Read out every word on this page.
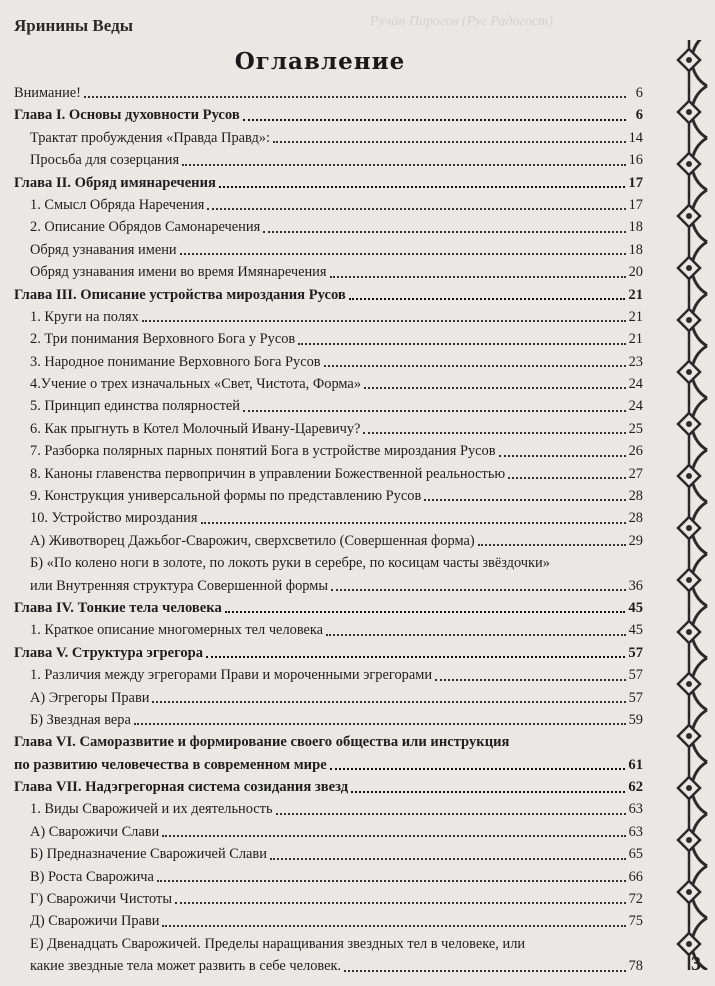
Яринины Веды	Ручан Пирогов (Руг Радогост)
Оглавление
Внимание!	6
Глава I. Основы духовности Русов	6
Трактат пробуждения «Правда Правд»:	14
Просьба для созерцания	16
Глава II. Обряд имянаречения	17
1. Смысл Обряда Наречения	17
2. Описание Обрядов Самонаречения	18
Обряд узнавания имени	18
Обряд узнавания имени во время Имянаречения	20
Глава III. Описание устройства мироздания Русов	21
1. Круги на полях	21
2. Три понимания Верховного Бога у Русов	21
3. Народное понимание Верховного Бога Русов	23
4.Учение о трех изначальных «Свет, Чистота, Форма»	24
5. Принцип единства полярностей	24
6. Как прыгнуть в Котел Молочный Ивану-Царевичу?	25
7. Разборка полярных парных понятий Бога в устройстве мироздания Русов	26
8. Каноны главенства первопричин в управлении Божественной реальностью	27
9. Конструкция универсальной формы по представлению Русов	28
10. Устройство мироздания	28
А) Животворец Дажьбог-Сварожич, сверхсветило (Совершенная форма)	29
Б) «По колено ноги в золоте, по локоть руки в серебре, по косицам часты звёздочки»
или Внутренняя структура Совершенной формы	36
Глава IV. Тонкие тела человека	45
1. Краткое описание многомерных тел человека	45
Глава V. Структура эгрегора	57
1. Различия между эгрегорами Прави и мороченными эгрегорами	57
А) Эгрегоры Прави	57
Б) Звездная вера	59
Глава VI. Саморазвитие и формирование своего общества или инструкция
по развитию человечества в современном мире	61
Глава VII. Надэгрегорная система созидания звезд	62
1. Виды Сварожичей и их деятельность	63
А) Сварожичи Слави	63
Б) Предназначение Сварожичей Слави	65
В) Роста Сварожича	66
Г) Сварожичи Чистоты	72
Д) Сварожичи Прави	75
Е) Двенадцать Сварожичей. Пределы наращивания звездных тел в человеке, или
какие звездные тела может развить в себе человек.	78 3
